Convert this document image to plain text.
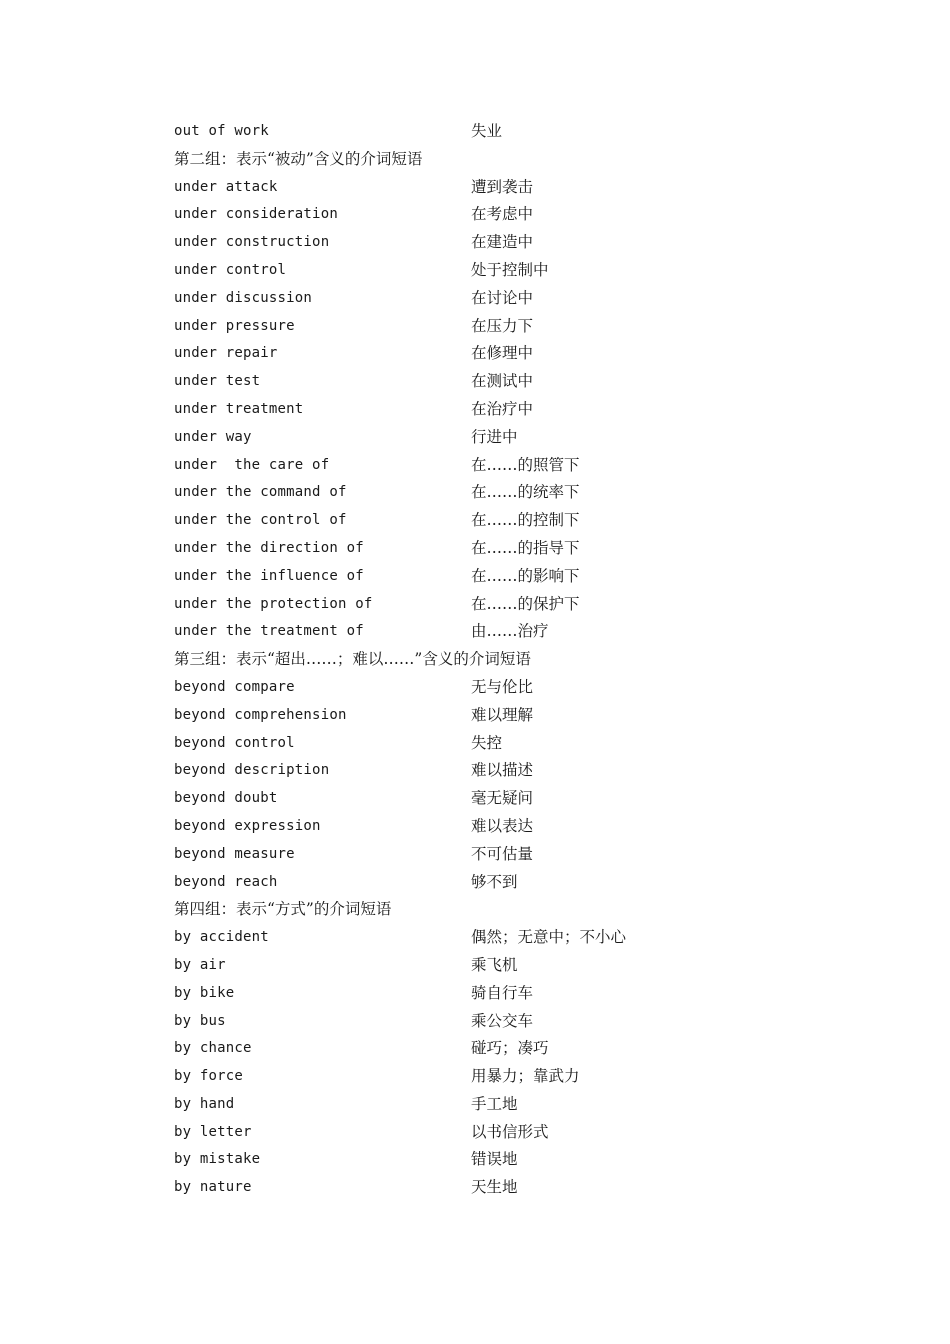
out of work	失业
第二组：表示“被动”含义的介词短语
under attack	遭到袭击
under consideration	在考虑中
under construction	在建造中
under control	处于控制中
under discussion	在讨论中
under pressure	在压力下
under repair	在修理中
under test	在测试中
under treatment	在治疗中
under way	行进中
under  the care of	在……的照管下
under the command of	在……的统率下
under the control of	在……的控制下
under the direction of	在……的指导下
under the influence of	在……的影响下
under the protection of	在……的保护下
under the treatment of	由……治疗
第三组：表示“超出……；难以……”含义的介词短语
beyond compare	无与伦比
beyond comprehension	难以理解
beyond control	失控
beyond description	难以描述
beyond doubt	毫无疑问
beyond expression	难以表达
beyond measure	不可估量
beyond reach	够不到
第四组：表示“方式”的介词短语
by accident	偶然；无意中；不小心
by air	乘飞机
by bike	骑自行车
by bus	乘公交车
by chance	碰巧；凑巧
by force	用暴力；靠武力
by hand	手工地
by letter	以书信形式
by mistake	错误地
by nature	天生地
